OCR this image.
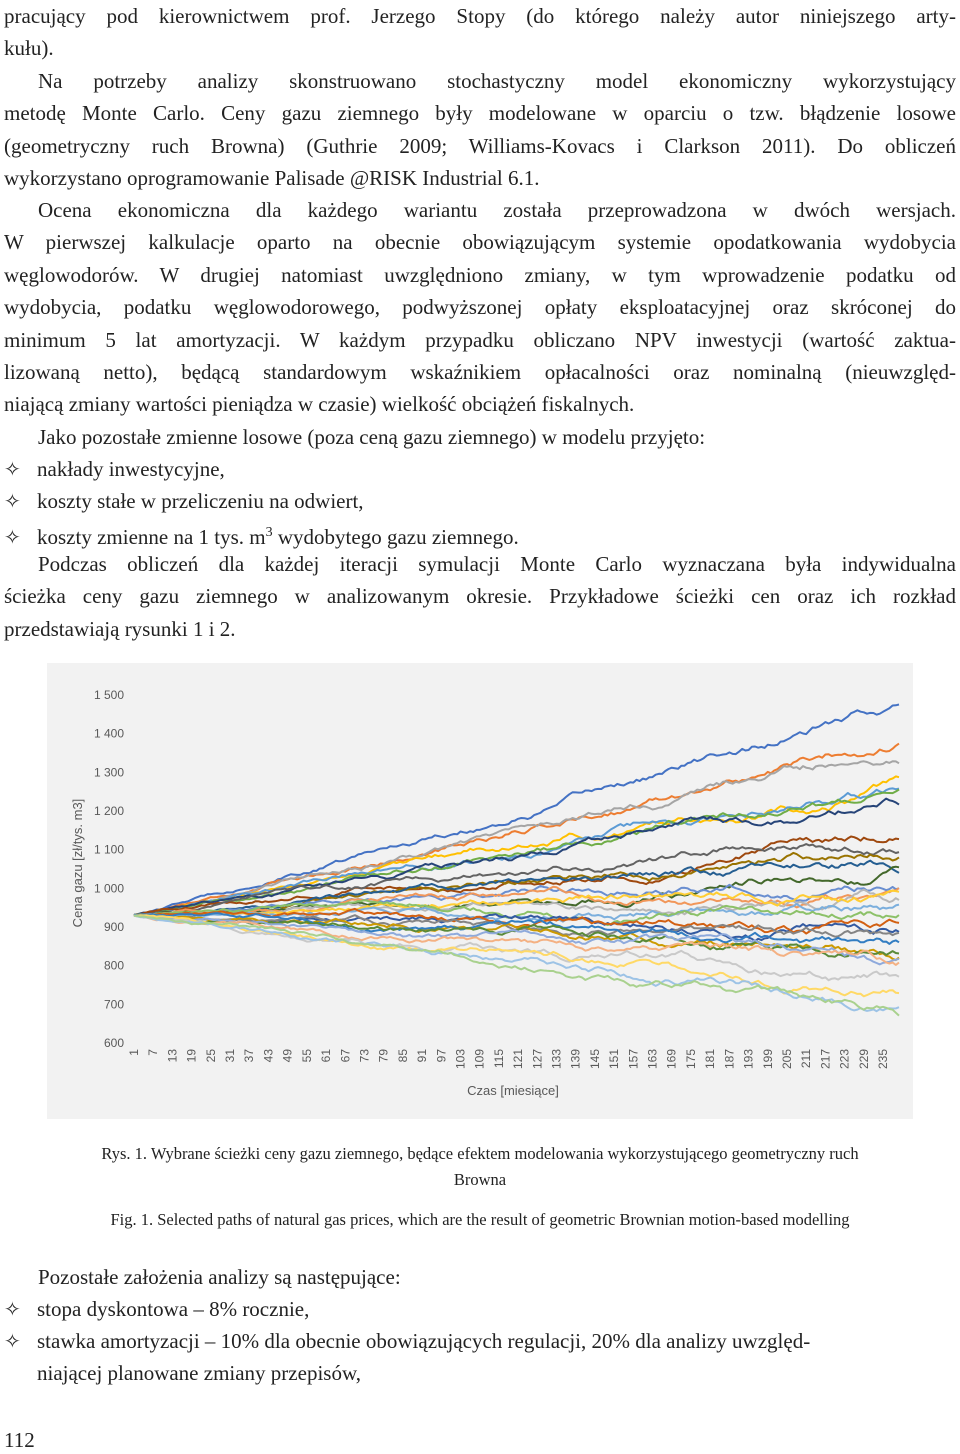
pracujący pod kierownictwem prof. Jerzego Stopy (do którego należy autor niniejszego arty-
kułu).
Na potrzeby analizy skonstruowano stochastyczny model ekonomiczny wykorzystujący
metodę Monte Carlo. Ceny gazu ziemnego były modelowane w oparciu o tzw. błądzenie losowe
(geometryczny ruch Browna) (Guthrie 2009; Williams-Kovacs i Clarkson 2011). Do obliczeń
wykorzystano oprogramowanie Palisade @RISK Industrial 6.1.
Ocena ekonomiczna dla każdego wariantu została przeprowadzona w dwóch wersjach.
W pierwszej kalkulacje oparto na obecnie obowiązującym systemie opodatkowania wydobycia
węglowodorów. W drugiej natomiast uwzględniono zmiany, w tym wprowadzenie podatku od
wydobycia, podatku węglowodorowego, podwyższonej opłaty eksploatacyjnej oraz skróconej do
minimum 5 lat amortyzacji. W każdym przypadku obliczano NPV inwestycji (wartość zaktua-
lizowaną netto), będącą standardowym wskaźnikiem opłacalności oraz nominalną (nieuwzględ-
niającą zmiany wartości pieniądza w czasie) wielkość obciążeń fiskalnych.
Jako pozostałe zmienne losowe (poza ceną gazu ziemnego) w modelu przyjęto:
✧ nakłady inwestycyjne,
✧ koszty stałe w przeliczeniu na odwiert,
✧ koszty zmienne na 1 tys. $m^3$ wydobytego gazu ziemnego.
Podczas obliczeń dla każdej iteracji symulacji Monte Carlo wyznaczana była indywidualna
ścieżka ceny gazu ziemnego w analizowanym okresie. Przykładowe ścieżki cen oraz ich rozkład
przedstawiają rysunki 1 i 2.
600
700
800
900
1 000
1 100
1 200
1 300
1 400
1 500
1 7 13 19 25 31 37 43 49 55 61 67 73 79 85 91 97 103 109 115 121 127 133 139 145 151 157 163 169 175 181 187 193 199 205 211 217 223 229 235
Cena gazu [zł/tys. m3]
Czas [miesiące]

Rys. 1. Wybrane ścieżki ceny gazu ziemnego, będące efektem modelowania wykorzystującego geometryczny ruch

Browna

Fig. 1. Selected paths of natural gas prices, which are the result of geometric Brownian motion-based modelling

Pozostałe założenia analizy są następujące:
✧ stopa dyskontowa – 8% rocznie,
✧ stawka amortyzacji – 10% dla obecnie obowiązujących regulacji, 20% dla analizy uwzględ-
niającej planowane zmiany przepisów,
112
